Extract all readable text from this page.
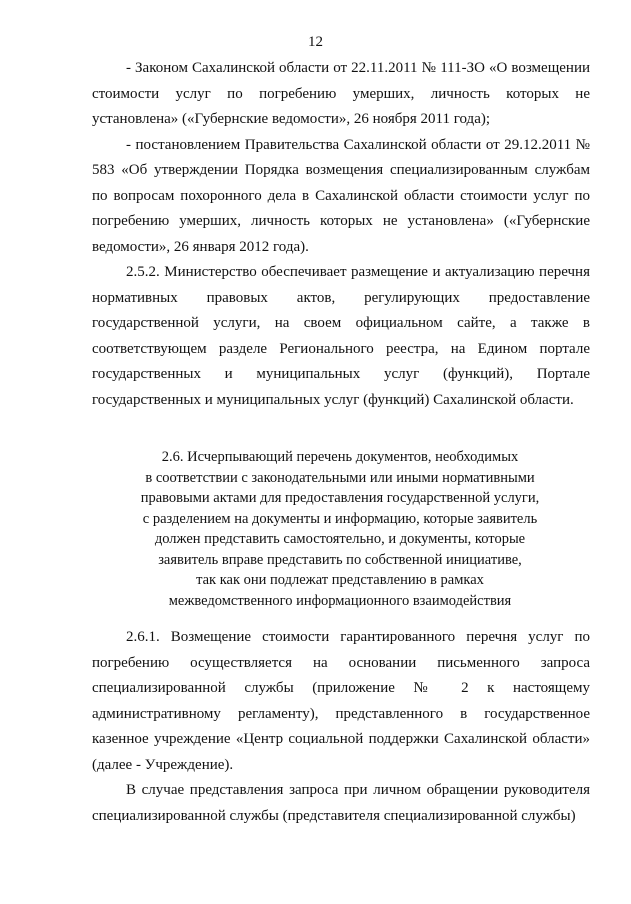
12

- Законом Сахалинской области от 22.11.2011 № 111-ЗО «О возмещении стоимости услуг по погребению умерших, личность которых не установлена» («Губернские ведомости», 26 ноября 2011 года);

- постановлением Правительства Сахалинской области от 29.12.2011 № 583 «Об утверждении Порядка возмещения специализированным службам по вопросам похоронного дела в Сахалинской области стоимости услуг по погребению умерших, личность которых не установлена» («Губернские ведомости», 26 января 2012 года).

2.5.2. Министерство обеспечивает размещение и актуализацию перечня нормативных правовых актов, регулирующих предоставление государственной услуги, на своем официальном сайте, а также в соответствующем разделе Регионального реестра, на Едином портале государственных и муниципальных услуг (функций), Портале государственных и муниципальных услуг (функций) Сахалинской области.

2.6. Исчерпывающий перечень документов, необходимых

в соответствии с законодательными или иными нормативными

правовыми актами для предоставления государственной услуги,

с разделением на документы и информацию, которые заявитель

должен представить самостоятельно, и документы, которые

заявитель вправе представить по собственной инициативе,

так как они подлежат представлению в рамках

межведомственного информационного взаимодействия

2.6.1. Возмещение стоимости гарантированного перечня услуг по погребению осуществляется на основании письменного запроса специализированной службы (приложение № 2 к настоящему административному регламенту), представленного в государственное казенное учреждение «Центр социальной поддержки Сахалинской области» (далее - Учреждение).

В случае представления запроса при личном обращении руководителя специализированной службы (представителя специализированной службы)
